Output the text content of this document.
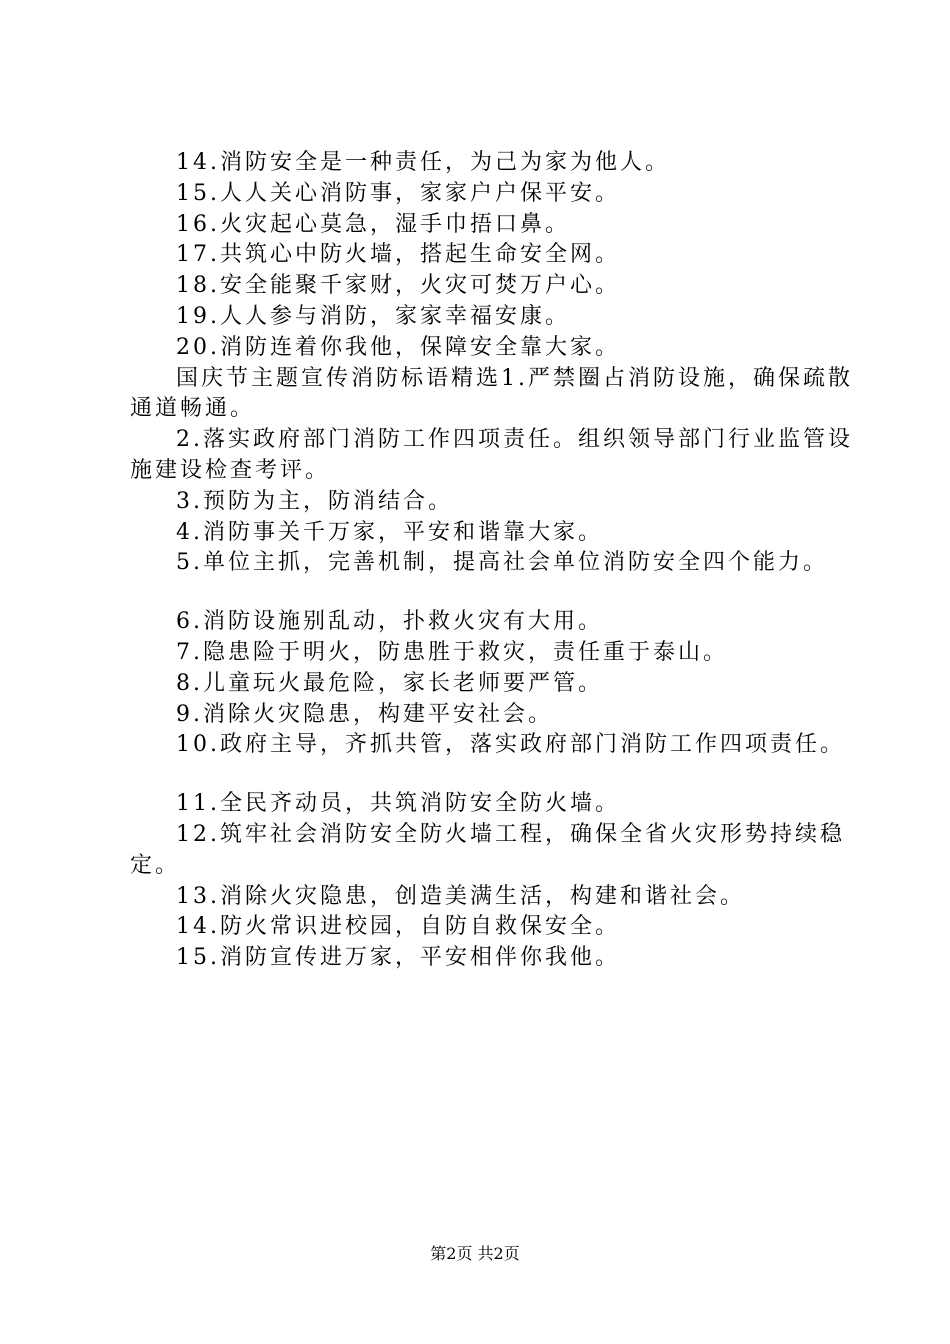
14.消防安全是一种责任，为己为家为他人。

15.人人关心消防事，家家户户保平安。

16.火灾起心莫急，湿手巾捂口鼻。

17.共筑心中防火墙，搭起生命安全网。

18.安全能聚千家财，火灾可焚万户心。

19.人人参与消防，家家幸福安康。

20.消防连着你我他，保障安全靠大家。

国庆节主题宣传消防标语精选1.严禁圈占消防设施，确保疏散通道畅通。

2.落实政府部门消防工作四项责任。组织领导部门行业监管设施建设检查考评。

3.预防为主，防消结合。

4.消防事关千万家，平安和谐靠大家。

5.单位主抓，完善机制，提高社会单位消防安全四个能力。

6.消防设施别乱动，扑救火灾有大用。

7.隐患险于明火，防患胜于救灾，责任重于泰山。

8.儿童玩火最危险，家长老师要严管。

9.消除火灾隐患，构建平安社会。

10.政府主导，齐抓共管，落实政府部门消防工作四项责任。

11.全民齐动员，共筑消防安全防火墙。

12.筑牢社会消防安全防火墙工程，确保全省火灾形势持续稳定。

13.消除火灾隐患，创造美满生活，构建和谐社会。

14.防火常识进校园，自防自救保安全。

15.消防宣传进万家，平安相伴你我他。

第2页 共2页
